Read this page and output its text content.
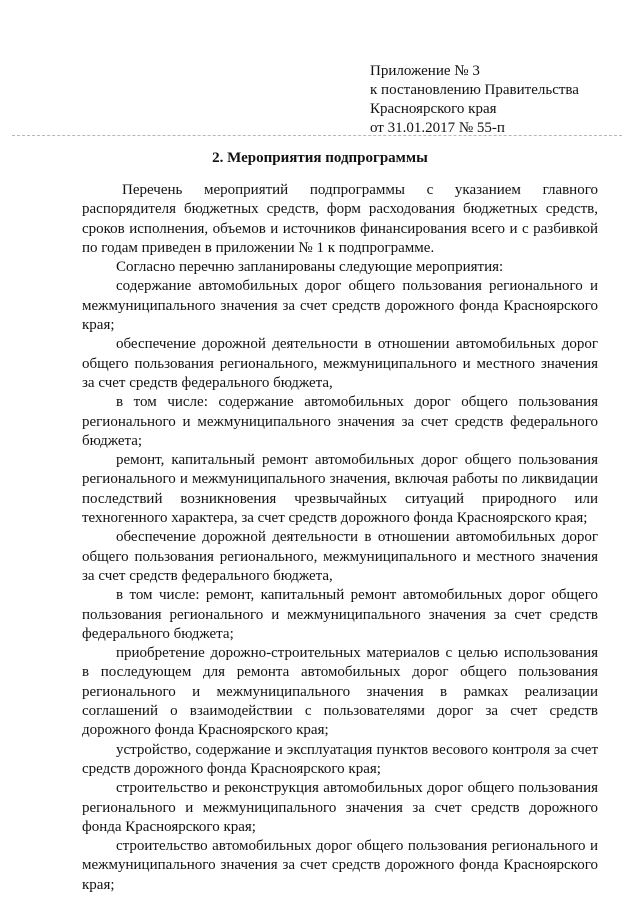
Приложение № 3
к постановлению Правительства
Красноярского края
от 31.01.2017 № 55-п
2. Мероприятия подпрограммы

Перечень мероприятий подпрограммы с указанием главного распорядителя бюджетных средств, форм расходования бюджетных средств, сроков исполнения, объемов и источников финансирования всего и с разбивкой по годам приведен в приложении № 1 к подпрограмме.

Согласно перечню запланированы следующие мероприятия:

содержание автомобильных дорог общего пользования регионального и межмуниципального значения за счет средств дорожного фонда Красноярского края;

обеспечение дорожной деятельности в отношении автомобильных дорог общего пользования регионального, межмуниципального и местного значения за счет средств федерального бюджета,

в том числе: содержание автомобильных дорог общего пользования регионального и межмуниципального значения за счет средств федерального бюджета;

ремонт, капитальный ремонт автомобильных дорог общего пользования регионального и межмуниципального значения, включая работы по ликвидации последствий возникновения чрезвычайных ситуаций природного или техногенного характера, за счет средств дорожного фонда Красноярского края;

обеспечение дорожной деятельности в отношении автомобильных дорог общего пользования регионального, межмуниципального и местного значения за счет средств федерального бюджета,

в том числе: ремонт, капитальный ремонт автомобильных дорог общего пользования регионального и межмуниципального значения за счет средств федерального бюджета;

приобретение дорожно-строительных материалов с целью использования в последующем для ремонта автомобильных дорог общего пользования регионального и межмуниципального значения в рамках реализации соглашений о взаимодействии с пользователями дорог за счет средств дорожного фонда Красноярского края;

устройство, содержание и эксплуатация пунктов весового контроля за счет средств дорожного фонда Красноярского края;

строительство и реконструкция автомобильных дорог общего пользования регионального и межмуниципального значения за счет средств дорожного фонда Красноярского края;

строительство автомобильных дорог общего пользования регионального и межмуниципального значения за счет средств дорожного фонда Красноярского края;
